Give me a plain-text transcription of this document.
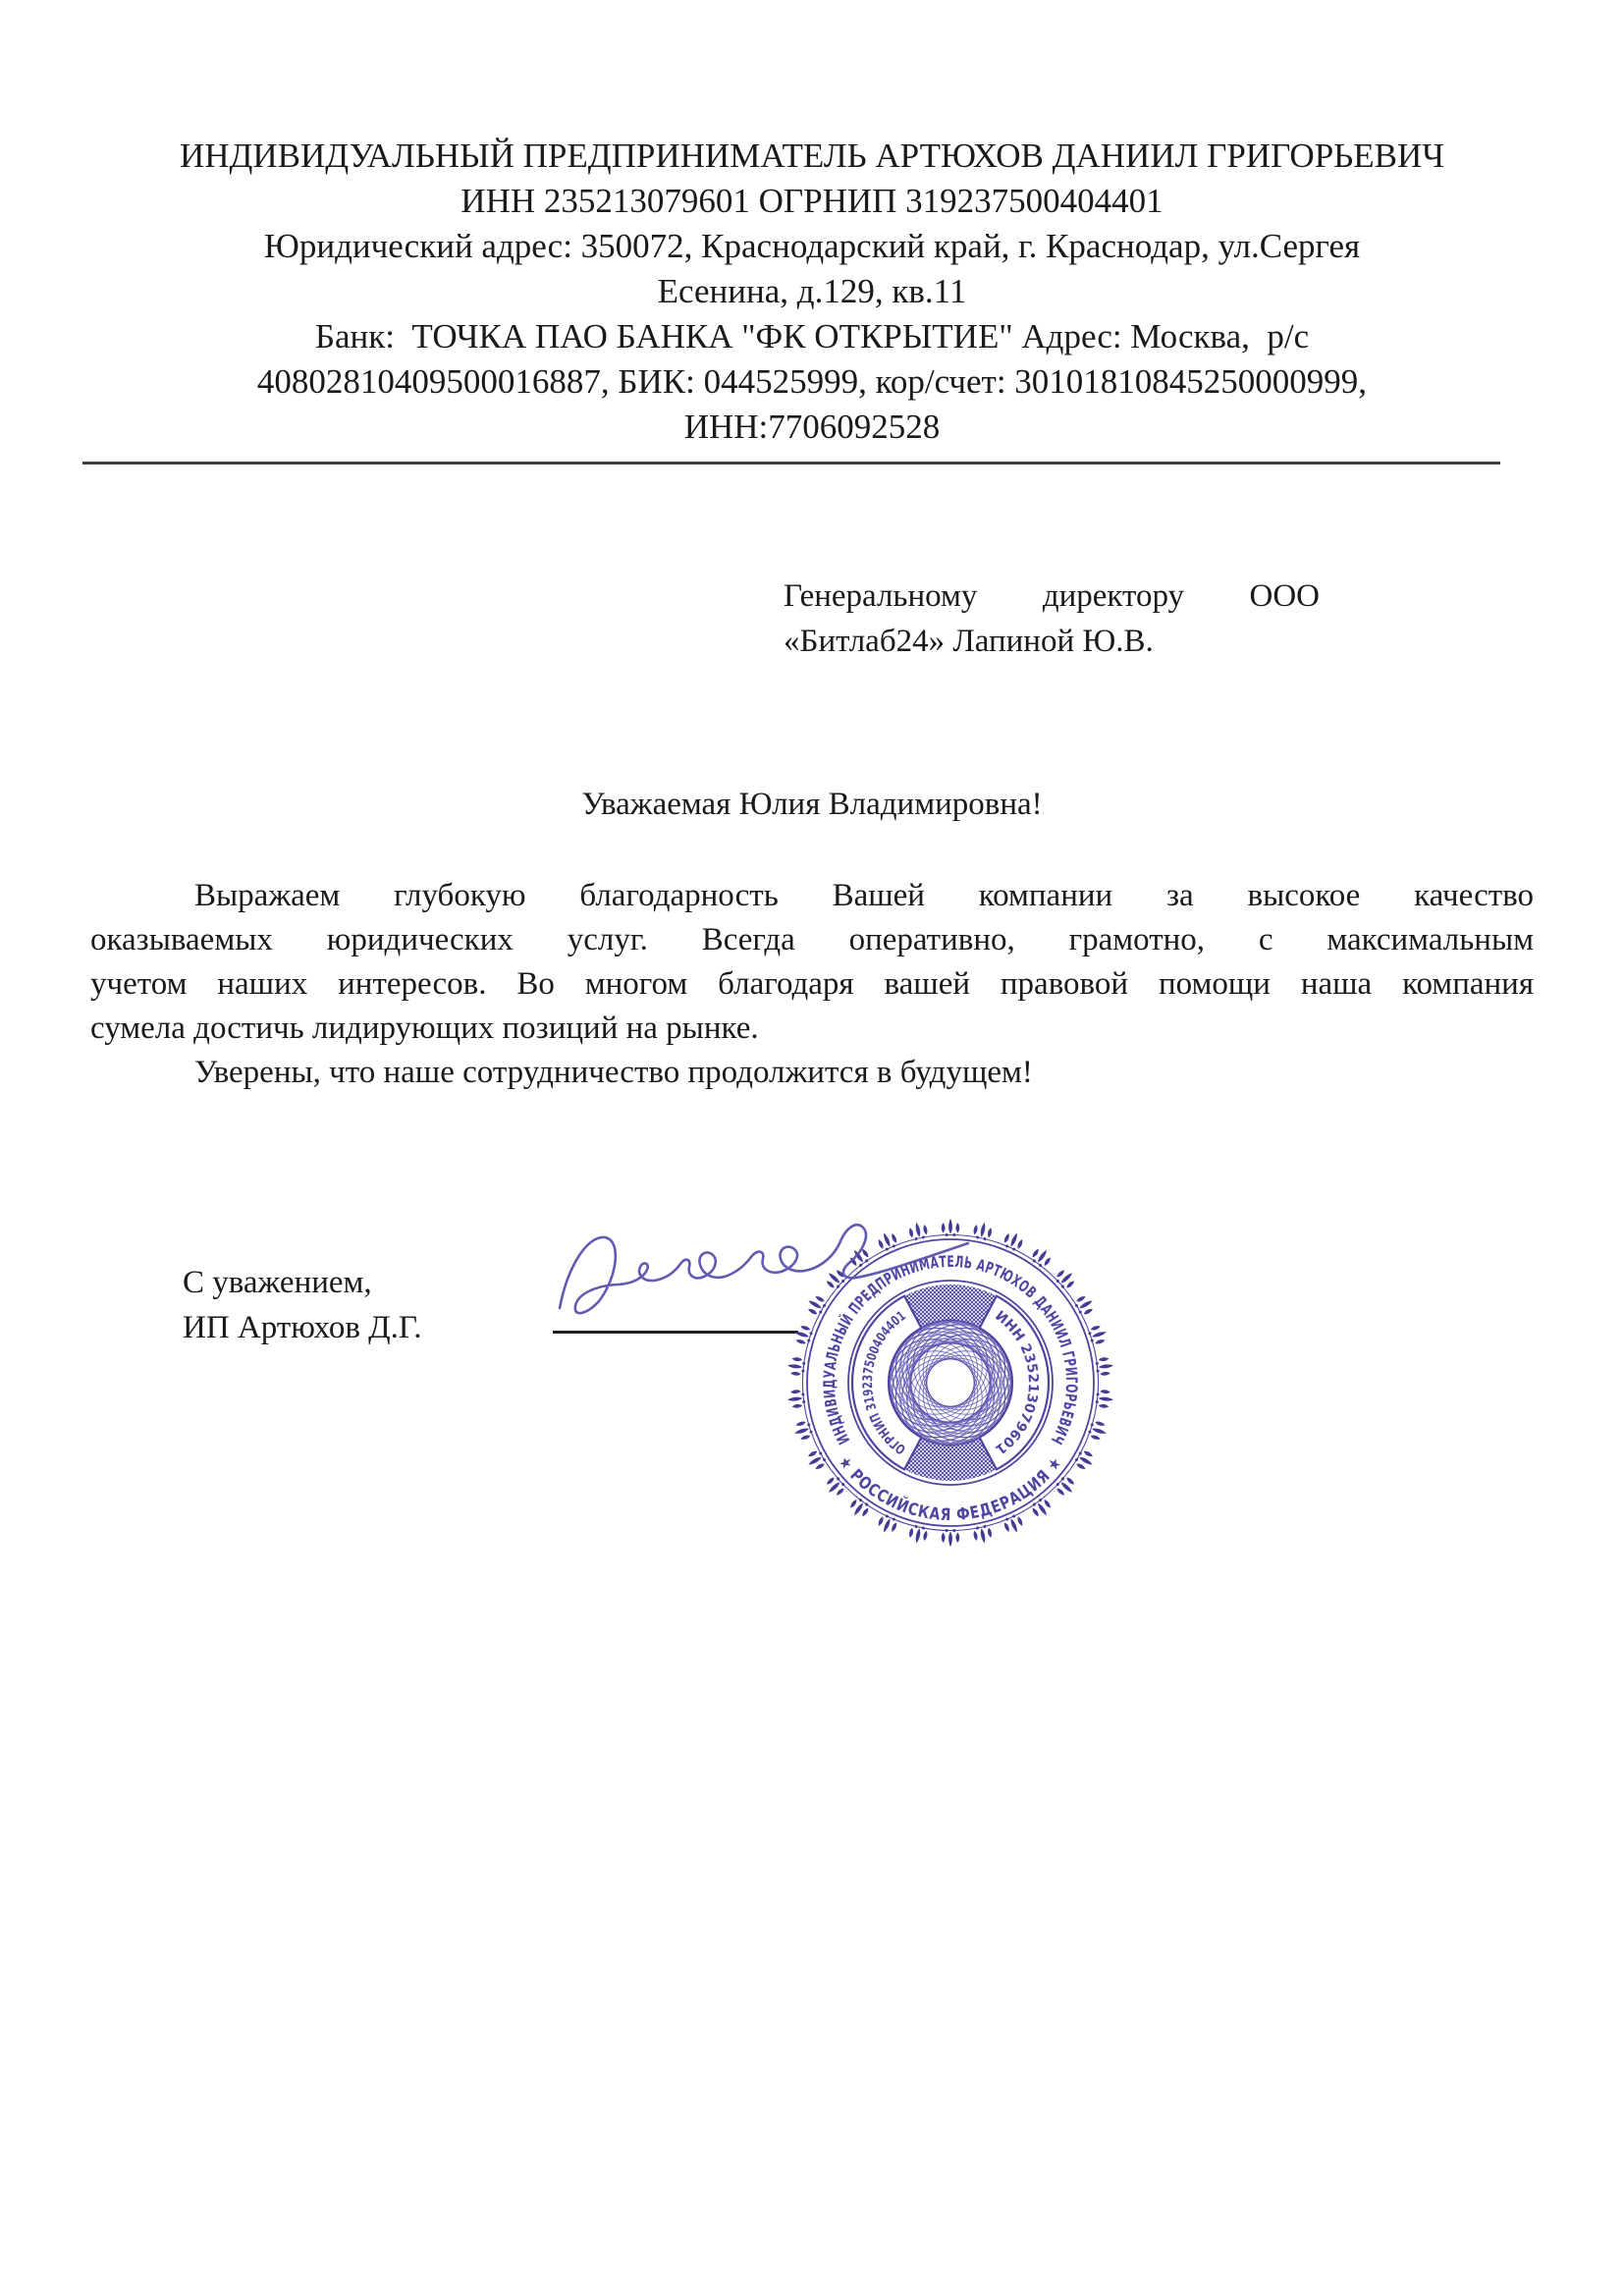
ИНДИВИДУАЛЬНЫЙ ПРЕДПРИНИМАТЕЛЬ АРТЮХОВ ДАНИИЛ ГРИГОРЬЕВИЧ
ИНН 235213079601 ОГРНИП 319237500404401
Юридический адрес: 350072, Краснодарский край, г. Краснодар, ул.Сергея
Есенина, д.129, кв.11
Банк:  ТОЧКА ПАО БАНКА "ФК ОТКРЫТИЕ" Адрес: Москва,  р/с
40802810409500016887, БИК: 044525999, кор/счет: 30101810845250000999,
ИНН:7706092528
Генеральному директору ООО
«Битлаб24» Лапиной Ю.В.
Уважаемая Юлия Владимировна!
Выражаем глубокую благодарность Вашей компании за высокое качество
оказываемых юридических услуг. Всегда оперативно, грамотно, с максимальным
учетом наших интересов. Во многом благодаря вашей правовой помощи наша компания
сумела достичь лидирующих позиций на рынке.
Уверены, что наше сотрудничество продолжится в будущем!
С уважением,
ИП Артюхов Д.Г.
ИНДИВИДУАЛЬНЫЙ ПРЕДПРИНИМАТЕЛЬ АРТЮХОВ ДАНИИЛ ГРИГОРЬЕВИЧ
★ РОССИЙСКАЯ ФЕДЕРАЦИЯ ★
ОГРНИП 319237500404401	ИНН 235213079601
